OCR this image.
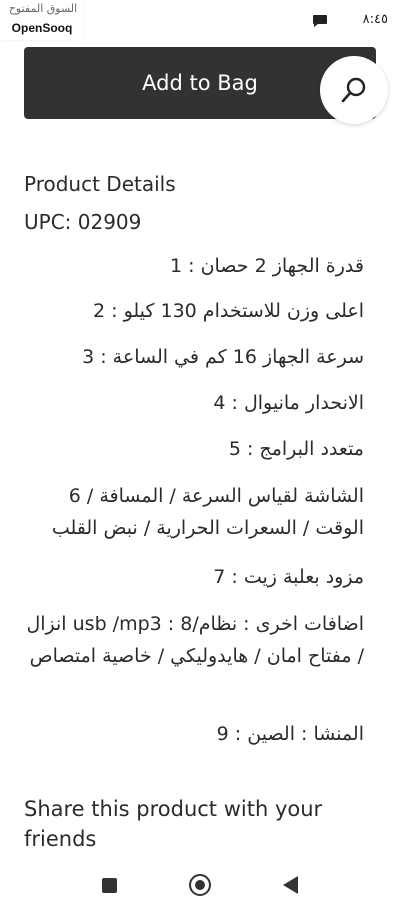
٨:٤٥
السوق المفتوح
OpenSooq
Add to Bag
Product Details
UPC: 02909
قدرة الجهاز 2 حصان : 1
اعلى وزن للاستخدام 130 كيلو : 2
سرعة الجهاز 16 كم في الساعة : 3
الانحدار مانيوال : 4
متعدد البرامج : 5
الشاشة لقياس السرعة / المسافة / 6 الوقت / السعرات الحرارية / نبض القلب
مزود بعلبة زيت : 7
اضافات اخرى : نظام/usb /mp3 : 8 انزال / مفتاح امان / هايدوليكي / خاصية امتصاص
المنشا : الصين : 9
Share this product with your friends
